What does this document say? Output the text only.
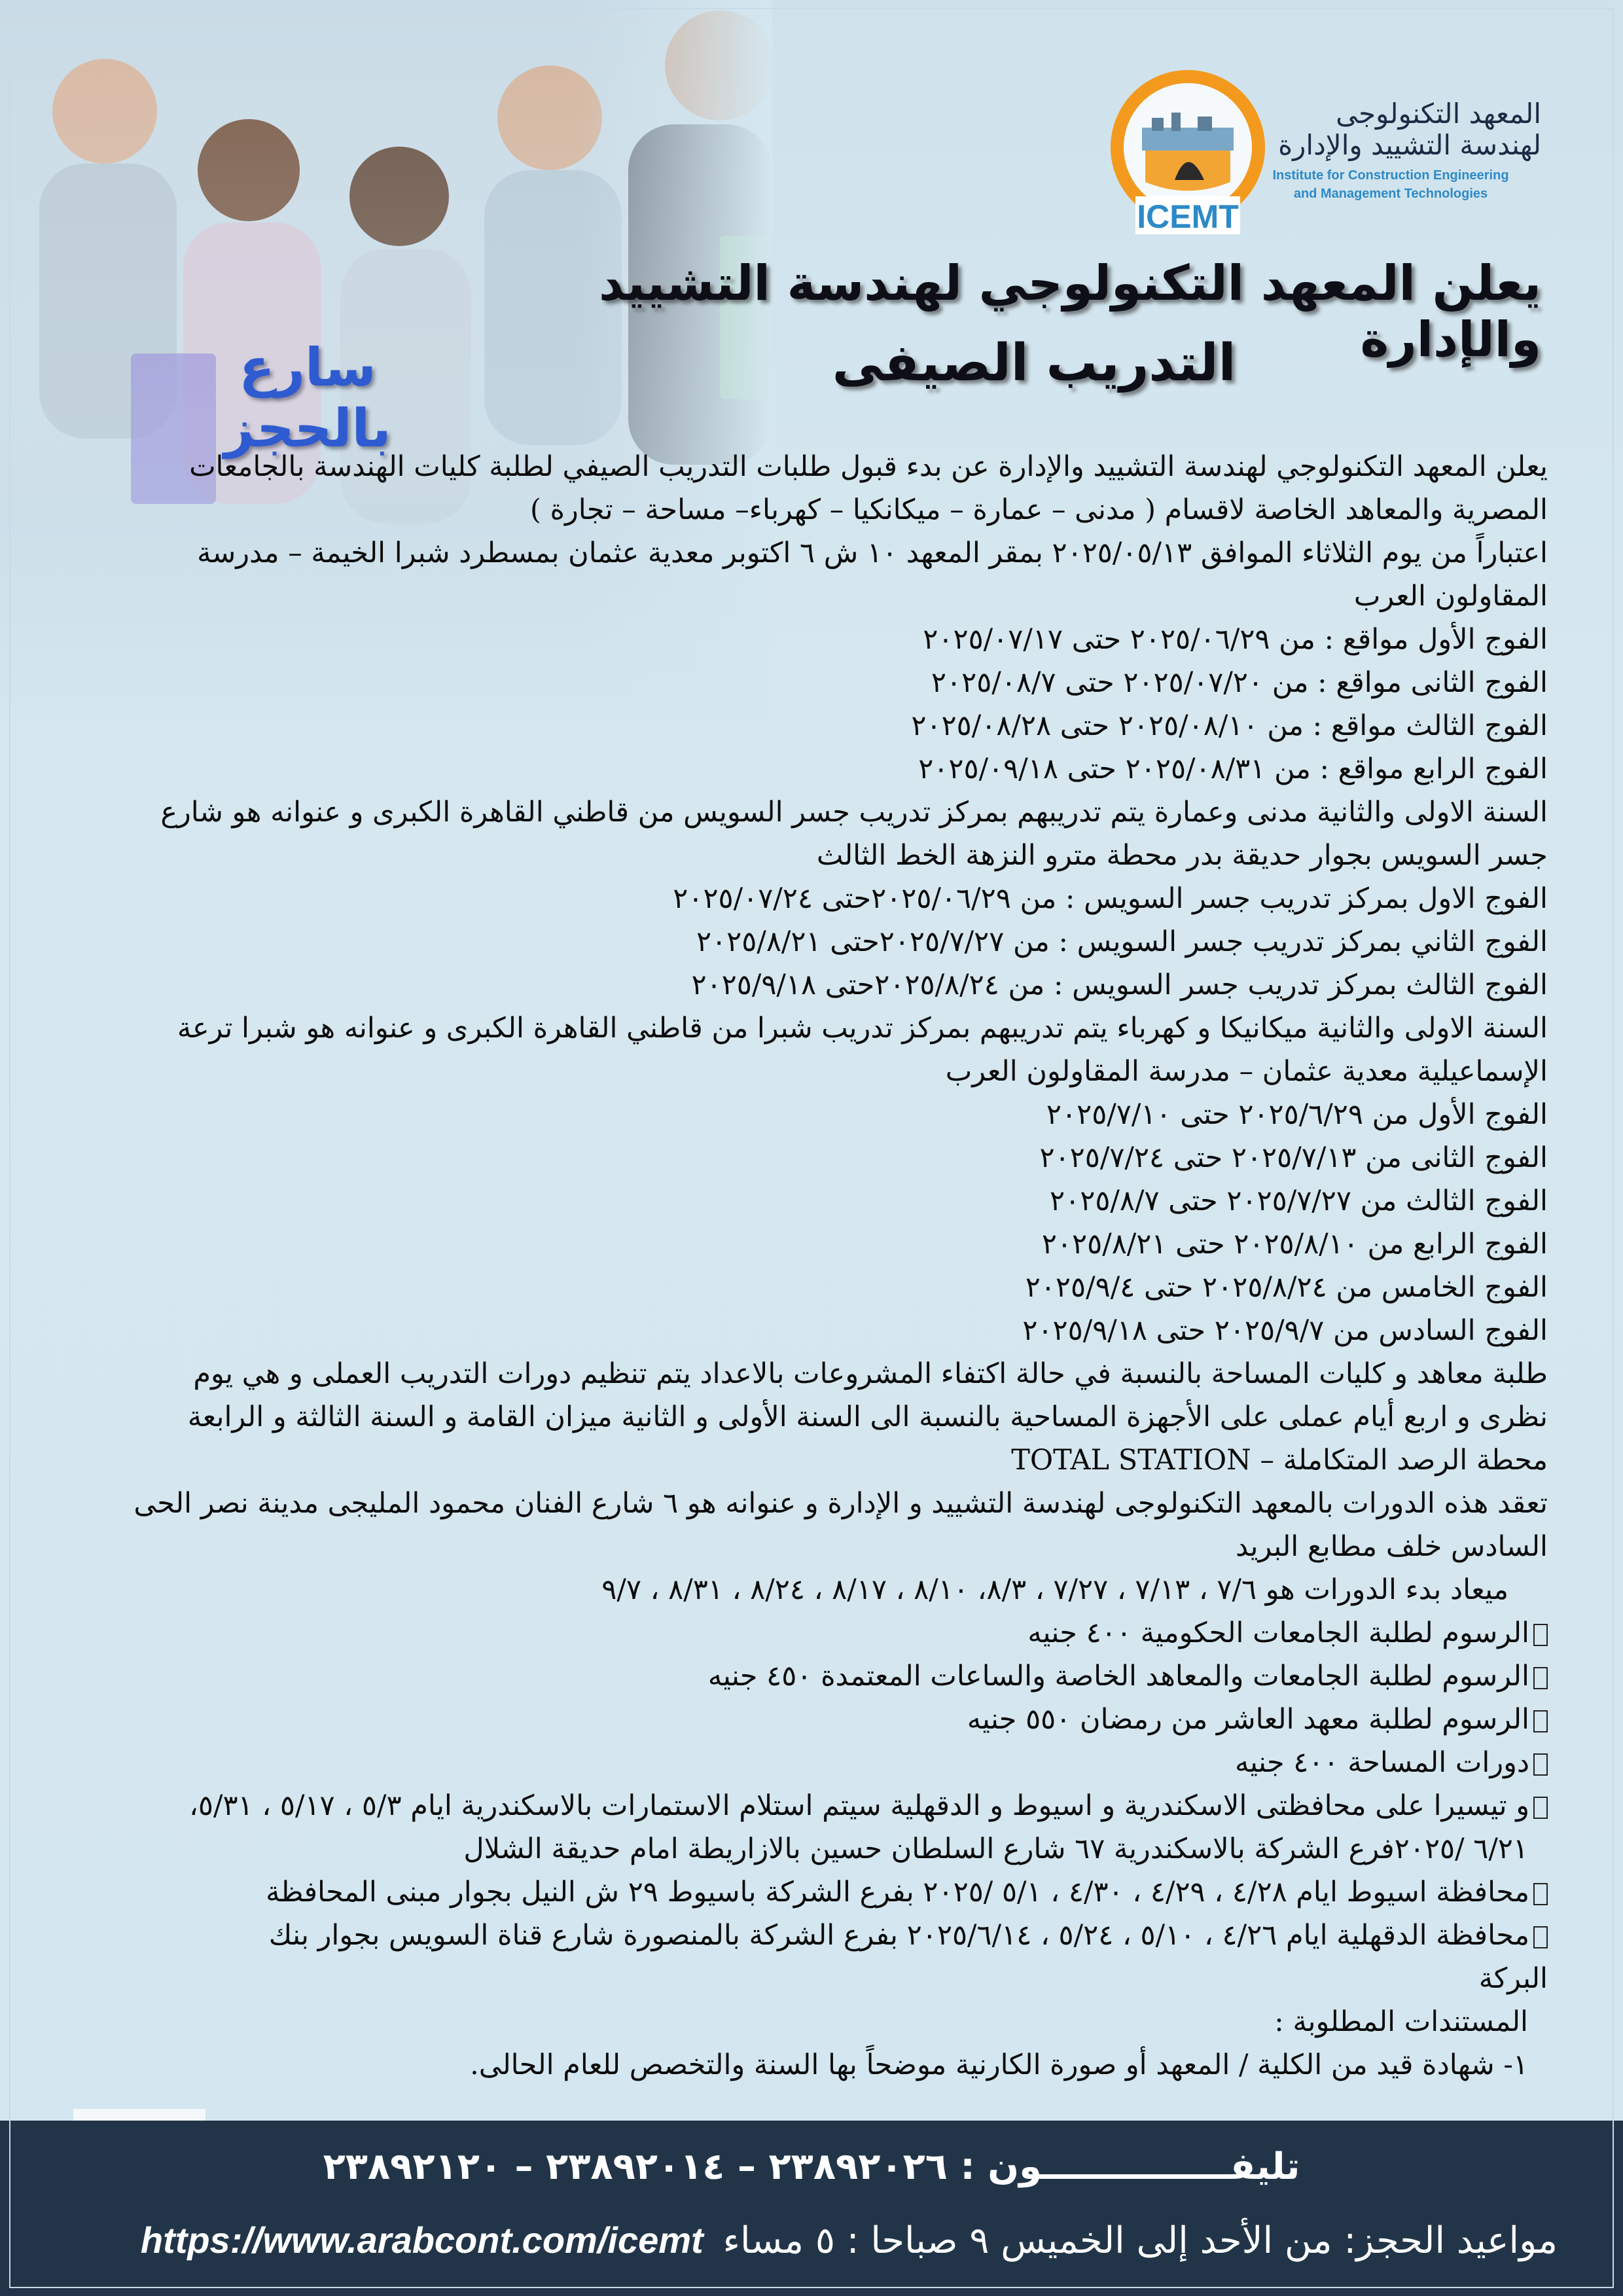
ICEMT
المعهد التكنولوجى
لهندسة التشييد والإدارة
Institute for Construction Engineering
and Management Technologies
يعلن المعهد التكنولوجي لهندسة التشييد والإدارة
التدريب الصيفى
سارع بالحجز
يعلن المعهد التكنولوجي لهندسة التشييد والإدارة عن بدء قبول طلبات التدريب الصيفي لطلبة كليات الهندسة بالجامعات
المصرية والمعاهد الخاصة لاقسام ( مدنى – عمارة – ميكانكيا – كهرباء– مساحة – تجارة )
اعتباراً من يوم الثلاثاء الموافق ٢٠٢٥/٠٥/١٣ بمقر المعهد ١٠ ش ٦ اكتوبر معدية عثمان بمسطرد شبرا الخيمة – مدرسة
المقاولون العرب
الفوج الأول مواقع : من ٢٠٢٥/٠٦/٢٩ حتى ٢٠٢٥/٠٧/١٧
الفوج الثانى مواقع : من ٢٠٢٥/٠٧/٢٠ حتى ٢٠٢٥/٠٨/٧
الفوج الثالث مواقع : من ٢٠٢٥/٠٨/١٠ حتى ٢٠٢٥/٠٨/٢٨
الفوج الرابع مواقع : من ٢٠٢٥/٠٨/٣١ حتى ٢٠٢٥/٠٩/١٨
السنة الاولى والثانية مدنى وعمارة يتم تدريبهم بمركز تدريب جسر السويس من قاطني القاهرة الكبرى و عنوانه هو شارع
جسر السويس بجوار حديقة بدر محطة مترو النزهة الخط الثالث
الفوج الاول بمركز تدريب جسر السويس : من ٢٠٢٥/٠٦/٢٩حتى ٢٠٢٥/٠٧/٢٤
الفوج الثاني بمركز تدريب جسر السويس : من ٢٠٢٥/٧/٢٧حتى ٢٠٢٥/٨/٢١
الفوج الثالث بمركز تدريب جسر السويس : من ٢٠٢٥/٨/٢٤حتى ٢٠٢٥/٩/١٨
السنة الاولى والثانية ميكانيكا و كهرباء يتم تدريبهم بمركز تدريب شبرا من قاطني القاهرة الكبرى و عنوانه هو شبرا ترعة
الإسماعيلية معدية عثمان – مدرسة المقاولون العرب
الفوج الأول من ٢٠٢٥/٦/٢٩ حتى ٢٠٢٥/٧/١٠
الفوج الثانى من ٢٠٢٥/٧/١٣ حتى ٢٠٢٥/٧/٢٤
الفوج الثالث من ٢٠٢٥/٧/٢٧ حتى ٢٠٢٥/٨/٧
الفوج الرابع من ٢٠٢٥/٨/١٠ حتى ٢٠٢٥/٨/٢١
الفوج الخامس من ٢٠٢٥/٨/٢٤ حتى ٢٠٢٥/٩/٤
الفوج السادس من ٢٠٢٥/٩/٧ حتى ٢٠٢٥/٩/١٨
طلبة معاهد و كليات المساحة بالنسبة في حالة اكتفاء المشروعات بالاعداد يتم تنظيم دورات التدريب العملى و هي يوم
نظرى و اربع أيام عملى على الأجهزة المساحية بالنسبة الى السنة الأولى و الثانية ميزان القامة و السنة الثالثة و الرابعة
محطة الرصد المتكاملة – TOTAL STATION
تعقد هذه الدورات بالمعهد التكنولوجى لهندسة التشييد و الإدارة و عنوانه هو ٦ شارع الفنان محمود المليجى مدينة نصر الحى
السادس خلف مطابع البريد
ميعاد بدء الدورات هو ٧/٦ ، ٧/١٣ ، ٧/٢٧ ، ٨/٣، ٨/١٠ ، ٨/١٧ ، ٨/٢٤ ، ٨/٣١ ، ٩/٧
الرسوم لطلبة الجامعات الحكومية ٤٠٠ جنيه
الرسوم لطلبة الجامعات والمعاهد الخاصة والساعات المعتمدة ٤٥٠ جنيه
الرسوم لطلبة معهد العاشر من رمضان ٥٥٠ جنيه
دورات المساحة ٤٠٠ جنيه
و تيسيرا على محافظتى الاسكندرية و اسيوط و الدقهلية سيتم استلام الاستمارات بالاسكندرية ايام ٥/٣ ، ٥/١٧ ، ٥/٣١،
٦/٢١ /٢٠٢٥فرع الشركة بالاسكندرية ٦٧ شارع السلطان حسين بالازاريطة امام حديقة الشلال
محافظة اسيوط ايام ٤/٢٨ ، ٤/٢٩ ، ٤/٣٠ ، ٥/١ /٢٠٢٥ بفرع الشركة باسيوط ٢٩ ش النيل بجوار مبنى المحافظة
محافظة الدقهلية ايام ٤/٢٦ ، ٥/١٠ ، ٥/٢٤ ، ٢٠٢٥/٦/١٤ بفرع الشركة بالمنصورة شارع قناة السويس بجوار بنك
البركة
المستندات المطلوبة :
١- شهادة قيد من الكلية / المعهد أو صورة الكارنية موضحاً بها السنة والتخصص للعام الحالى.
تليفـــــــــــــــون : ٢٣٨٩٢٠٢٦ – ٢٣٨٩٢٠١٤ – ٢٣٨٩٢١٢٠
مواعيد الحجز: من الأحد إلى الخميس ٩ صباحا : ٥ مساءhttps://www.arabcont.com/icemt
